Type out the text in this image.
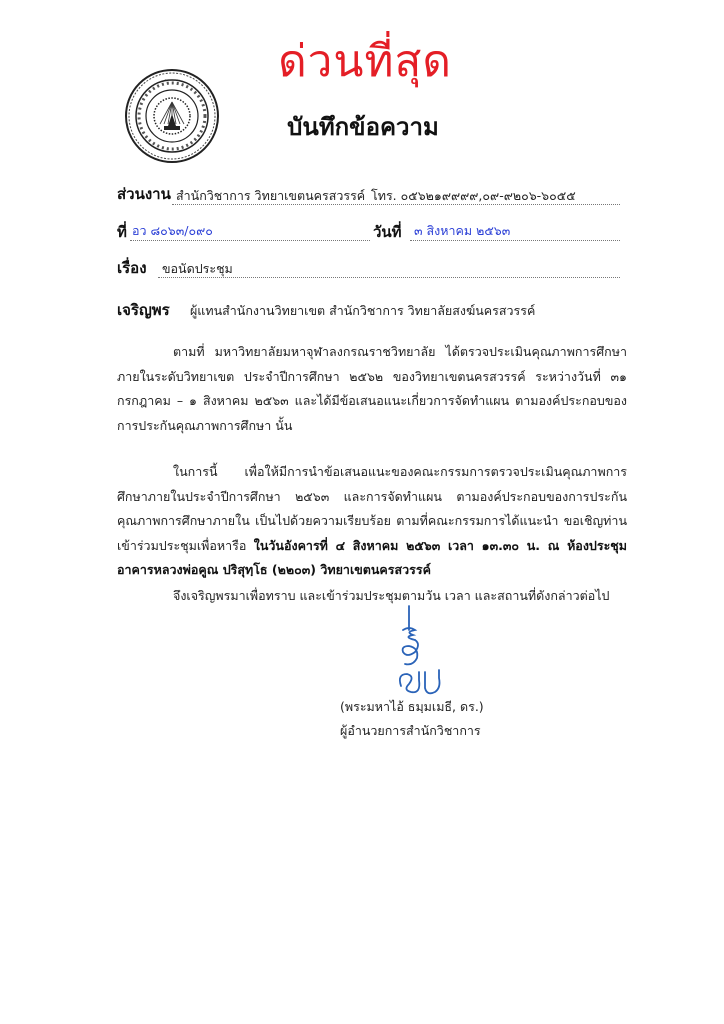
~ ~ ~	ด่วนที่สุด
บันทึกข้อความ
ส่วนงาน สำนักวิชาการ วิทยาเขตนครสวรรค์ โทร. ๐๕๖๒๑๙๙๙๙,๐๙-๙๒๐๖-๖๐๕๕
ที่ อว ๘๐๖๓/๐๙๐	วันที่ ๓ สิงหาคม ๒๕๖๓
เรื่อง ขอนัดประชุม
เจริญพร ผู้แทนสำนักงานวิทยาเขต สำนักวิชาการ วิทยาลัยสงฆ์นครสวรรค์
ตามที่ มหาวิทยาลัยมหาจุฬาลงกรณราชวิทยาลัย ได้ตรวจประเมินคุณภาพการศึกษาภายในระดับวิทยาเขต ประจำปีการศึกษา ๒๕๖๒ ของวิทยาเขตนครสวรรค์ ระหว่างวันที่ ๓๑ กรกฎาคม – ๑ สิงหาคม ๒๕๖๓ และได้มีข้อเสนอแนะเกี่ยวการจัดทำแผน ตามองค์ประกอบของการประกันคุณภาพการศึกษา นั้น
ในการนี้ เพื่อให้มีการนำข้อเสนอแนะของคณะกรรมการตรวจประเมินคุณภาพการศึกษาภายในประจำปีการศึกษา ๒๕๖๓ และการจัดทำแผน ตามองค์ประกอบของการประกันคุณภาพการศึกษาภายใน เป็นไปด้วยความเรียบร้อย ตามที่คณะกรรมการได้แนะนำ ขอเชิญท่านเข้าร่วมประชุมเพื่อหารือ ในวันอังคารที่ ๔ สิงหาคม ๒๕๖๓ เวลา ๑๓.๓๐ น. ณ ห้องประชุมอาคารหลวงพ่อคูณ ปริสุทฺโธ (๒๒๐๓) วิทยาเขตนครสวรรค์
จึงเจริญพรมาเพื่อทราบ และเข้าร่วมประชุมตามวัน เวลา และสถานที่ดังกล่าวต่อไป
(พระมหาไอ้ ธมฺมเมธี, ดร.)
ผู้อำนวยการสำนักวิชาการ
